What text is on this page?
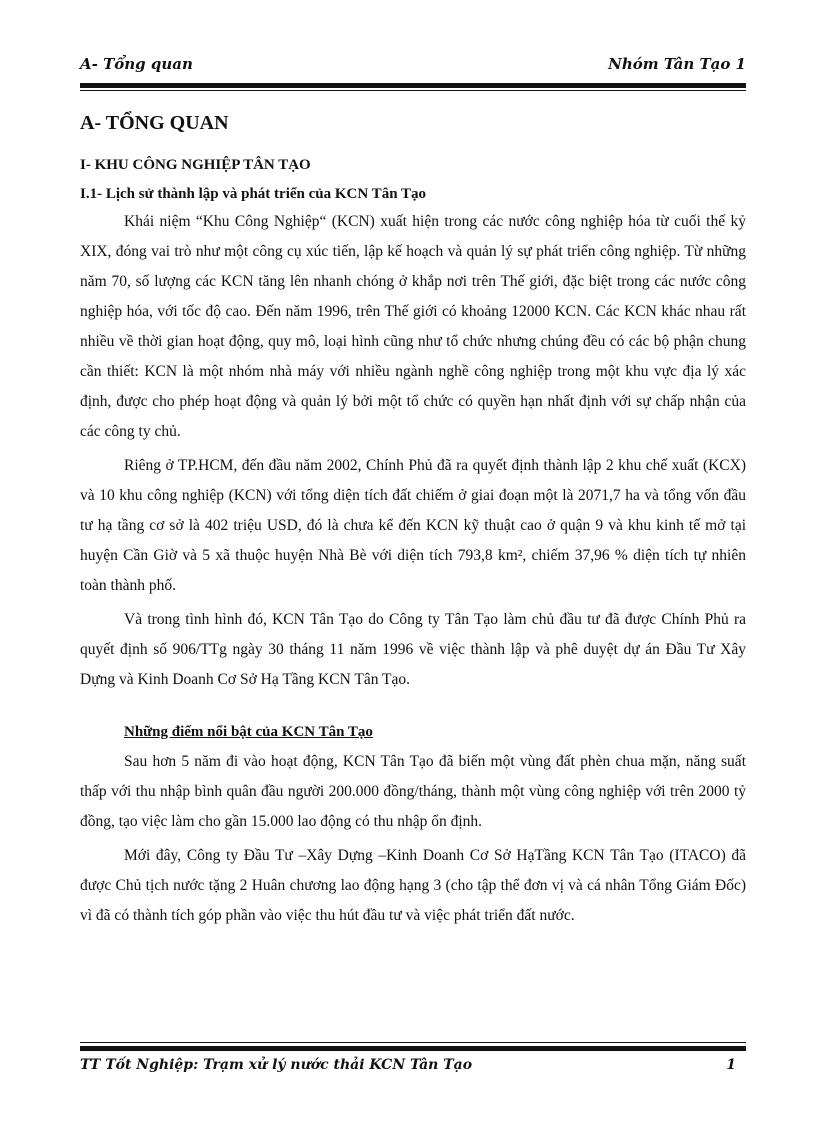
A- Tổng quan	Nhóm Tân Tạo 1
A- TỔNG QUAN
I- KHU CÔNG NGHIỆP TÂN TẠO
I.1- Lịch sử thành lập và phát triển của KCN Tân Tạo

Khái niệm “Khu Công Nghiệp“ (KCN) xuất hiện trong các nước công nghiệp hóa từ cuối thế kỷ XIX, đóng vai trò như một công cụ xúc tiến, lập kế hoạch và quản lý sự phát triển công nghiệp. Từ những năm 70, số lượng các KCN tăng lên nhanh chóng ở khắp nơi trên Thế giới, đặc biệt trong các nước công nghiệp hóa, với tốc độ cao. Đến năm 1996, trên Thế giới có khoảng 12000 KCN. Các KCN khác nhau rất nhiều về thời gian hoạt động, quy mô, loại hình cũng như tổ chức nhưng chúng đều có các bộ phận chung cần thiết: KCN là một nhóm nhà máy với nhiều ngành nghề công nghiệp trong một khu vực địa lý xác định, được cho phép hoạt động và quản lý bởi một tổ chức có quyền hạn nhất định với sự chấp nhận của các công ty chủ.

Riêng ở TP.HCM, đến đầu năm 2002, Chính Phủ đã ra quyết định thành lập 2 khu chế xuất (KCX) và 10 khu công nghiệp (KCN) với tổng diện tích đất chiếm ở giai đoạn một là 2071,7 ha và tổng vốn đầu tư hạ tầng cơ sở là 402 triệu USD, đó là chưa kể đến KCN kỹ thuật cao ở quận 9 và khu kinh tế mở tại huyện Cần Giờ và 5 xã thuộc huyện Nhà Bè với diện tích 793,8 km², chiếm 37,96 % diện tích tự nhiên toàn thành phố.

Và trong tình hình đó, KCN Tân Tạo do Công ty Tân Tạo làm chủ đầu tư đã được Chính Phủ ra quyết định số 906/TTg ngày 30 tháng 11 năm 1996 về việc thành lập và phê duyệt dự án Đầu Tư Xây Dựng và Kinh Doanh Cơ Sở Hạ Tầng KCN Tân Tạo.

Những điểm nổi bật của KCN Tân Tạo

Sau hơn 5 năm đi vào hoạt động, KCN Tân Tạo đã biến một vùng đất phèn chua mặn, năng suất thấp với thu nhập bình quân đầu người 200.000 đồng/tháng, thành một vùng công nghiệp với trên 2000 tỷ đồng, tạo việc làm cho gần 15.000 lao động có thu nhập ổn định.

Mới đây, Công ty Đầu Tư –Xây Dựng –Kinh Doanh Cơ Sở HạTầng KCN Tân Tạo (ITACO) đã được Chủ tịch nước tặng 2 Huân chương lao động hạng 3 (cho tập thể đơn vị và cá nhân Tổng Giám Đốc) vì đã có thành tích góp phần vào việc thu hút đầu tư và việc phát triển đất nước.

TT Tốt Nghiệp: Trạm xử lý nước thải KCN Tân Tạo	1
